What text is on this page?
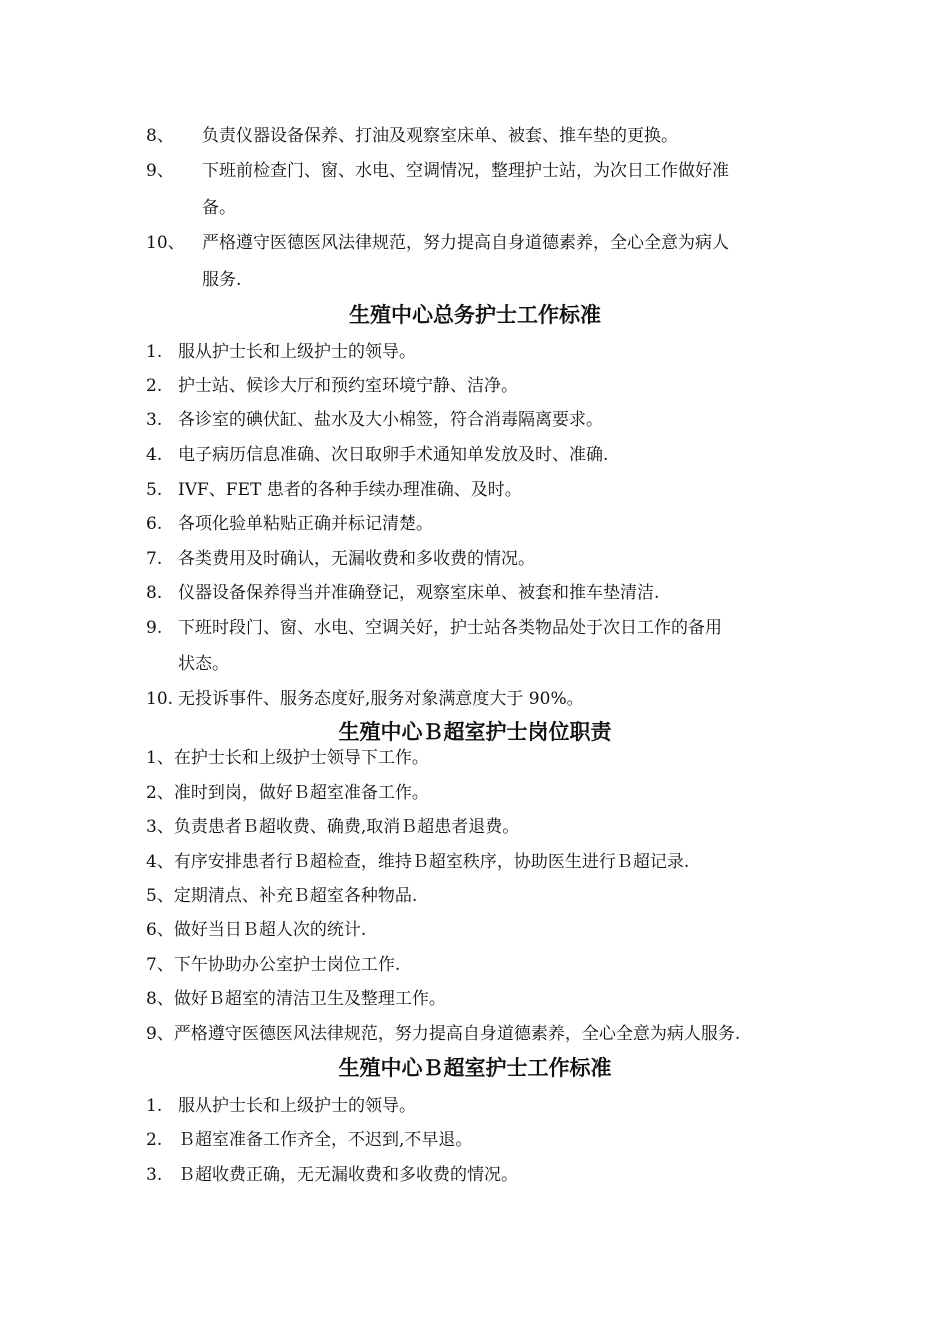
8、 负责仪器设备保养、打油及观察室床单、被套、推车垫的更换。
9、 下班前检查门、窗、水电、空调情况，整理护士站，为次日工作做好准
备。
10、 严格遵守医德医风法律规范，努力提高自身道德素养，全心全意为病人
服务.
生殖中心总务护士工作标准
1. 服从护士长和上级护士的领导。
2. 护士站、候诊大厅和预约室环境宁静、洁净。
3. 各诊室的碘伏缸、盐水及大小棉签，符合消毒隔离要求。
4. 电子病历信息准确、次日取卵手术通知单发放及时、准确.
5. IVF、FET 患者的各种手续办理准确、及时。
6. 各项化验单粘贴正确并标记清楚。
7. 各类费用及时确认，无漏收费和多收费的情况。
8. 仪器设备保养得当并准确登记，观察室床单、被套和推车垫清洁.
9. 下班时段门、窗、水电、空调关好，护士站各类物品处于次日工作的备用
状态。
10. 无投诉事件、服务态度好,服务对象满意度大于 90%。
生殖中心Ｂ超室护士岗位职责
1、在护士长和上级护士领导下工作。
2、准时到岗，做好Ｂ超室准备工作。
3、负责患者Ｂ超收费、确费,取消Ｂ超患者退费。
4、有序安排患者行Ｂ超检查，维持Ｂ超室秩序，协助医生进行Ｂ超记录.
5、定期清点、补充Ｂ超室各种物品.
6、做好当日Ｂ超人次的统计.
7、下午协助办公室护士岗位工作.
8、做好Ｂ超室的清洁卫生及整理工作。
9、严格遵守医德医风法律规范，努力提高自身道德素养，全心全意为病人服务.
生殖中心Ｂ超室护士工作标准
1. 服从护士长和上级护士的领导。
2. Ｂ超室准备工作齐全，不迟到,不早退。
3. Ｂ超收费正确，无无漏收费和多收费的情况。
